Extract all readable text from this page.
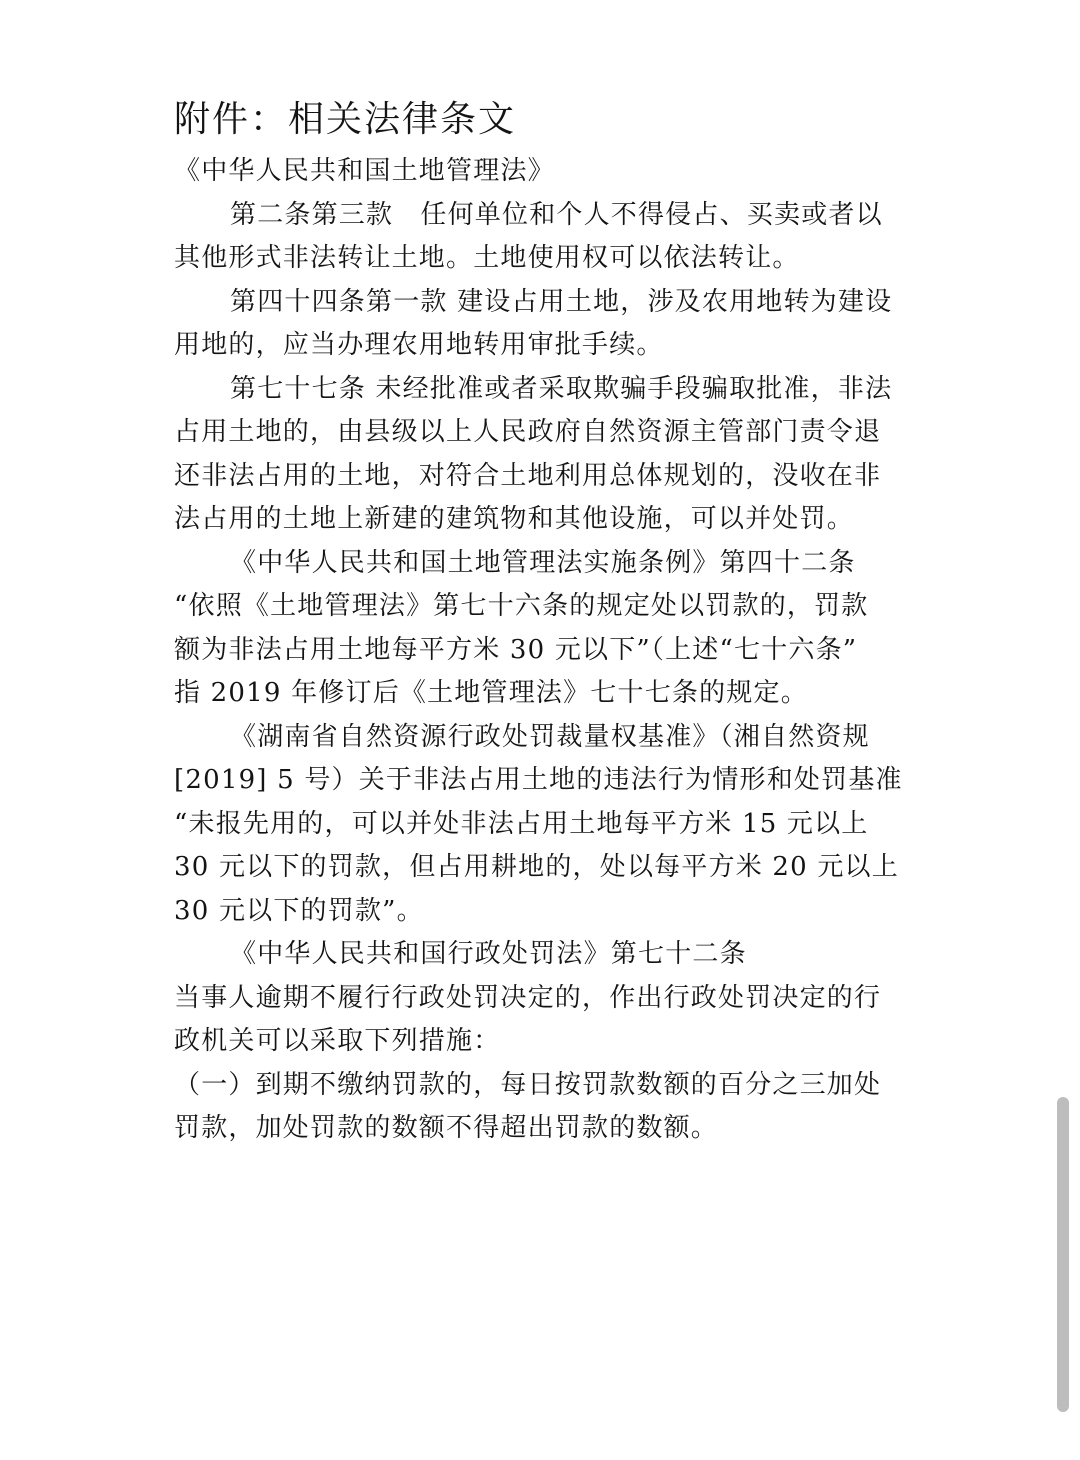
附件：相关法律条文

《中华人民共和国土地管理法》

第二条第三款　任何单位和个人不得侵占、买卖或者以

其他形式非法转让土地。土地使用权可以依法转让。

第四十四条第一款 建设占用土地，涉及农用地转为建设

用地的，应当办理农用地转用审批手续。

第七十七条 未经批准或者采取欺骗手段骗取批准，非法

占用土地的，由县级以上人民政府自然资源主管部门责令退

还非法占用的土地，对符合土地利用总体规划的，没收在非

法占用的土地上新建的建筑物和其他设施，可以并处罚。

《中华人民共和国土地管理法实施条例》第四十二条

“依照《土地管理法》第七十六条的规定处以罚款的，罚款

额为非法占用土地每平方米 30 元以下”（上述“七十六条”

指 2019 年修订后《土地管理法》七十七条的规定。

《湖南省自然资源行政处罚裁量权基准》（湘自然资规

[2019] 5 号）关于非法占用土地的违法行为情形和处罚基准

“未报先用的，可以并处非法占用土地每平方米 15 元以上

30 元以下的罚款，但占用耕地的，处以每平方米 20 元以上

30 元以下的罚款”。

《中华人民共和国行政处罚法》第七十二条

当事人逾期不履行行政处罚决定的，作出行政处罚决定的行

政机关可以采取下列措施：

（一）到期不缴纳罚款的，每日按罚款数额的百分之三加处

罚款，加处罚款的数额不得超出罚款的数额。
